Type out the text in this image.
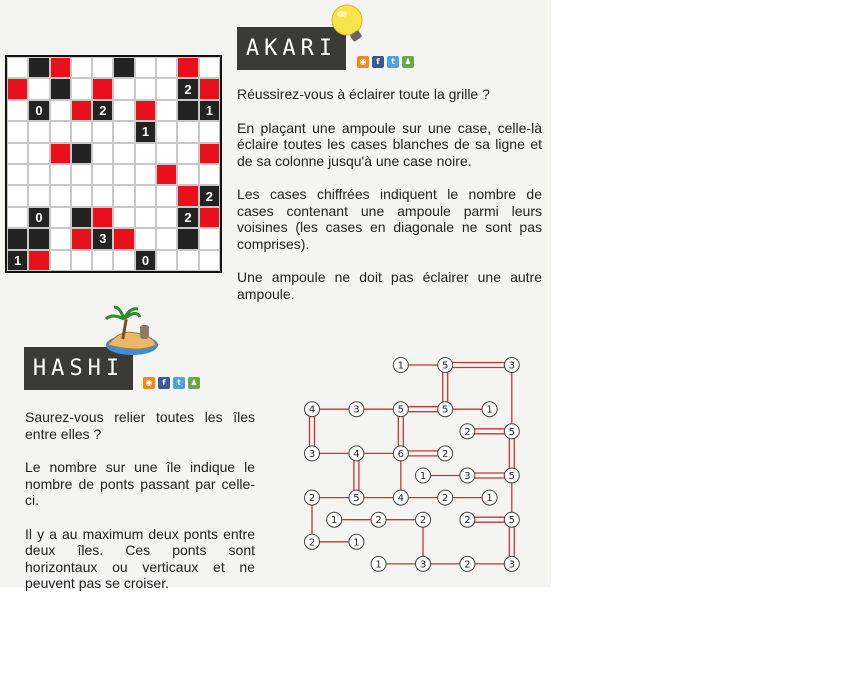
2
0	2	1
1
2
0	2
3
1	0
AKARI
◉	f	t	♟

Réussirez-vous à éclairer toute la grille ?

En plaçant une ampoule sur une case, celle-là éclaire toutes les cases blanches de sa ligne et de sa colonne jusqu'à une case noire.

Les cases chiffrées indiquent le nombre de cases contenant une ampoule parmi leurs voisines (les cases en diagonale ne sont pas comprises).

Une ampoule ne doit pas éclairer une autre ampoule.

HASHI
◉	f	t	♟

Saurez-vous relier toutes les îles entre elles ?

Le nombre sur une île indique le nombre de ponts passant par celle-ci.

Il y a au maximum deux ponts entre deux îles. Ces ponts sont horizontaux ou verticaux et ne peuvent pas se croiser.

1	5	3
4	3	5	5	1
2	5
3	4	6	2
1	3	5
2	5	4	2	1
1	2	2	2	5
2	1
1	3	2	3
